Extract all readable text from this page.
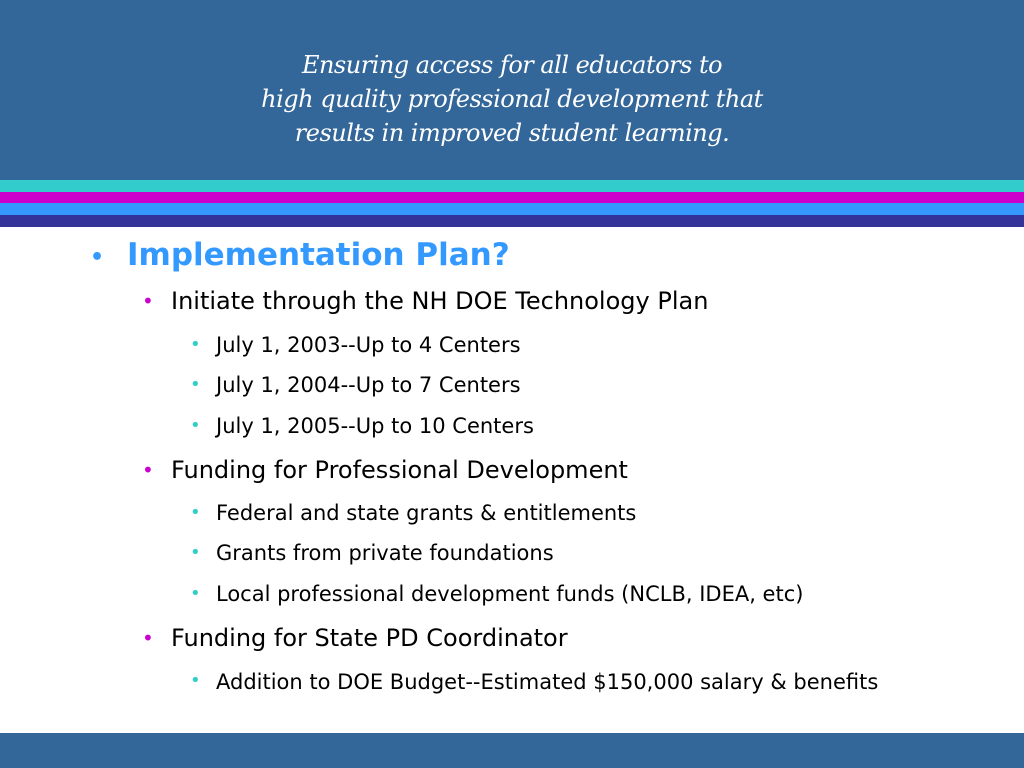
Ensuring access for all educators to
high quality professional development that
results in improved student learning.
• Implementation Plan?
• Initiate through the NH DOE Technology Plan
• July 1, 2003--Up to 4 Centers
• July 1, 2004--Up to 7 Centers
• July 1, 2005--Up to 10 Centers
• Funding for Professional Development
• Federal and state grants & entitlements
• Grants from private foundations
• Local professional development funds (NCLB, IDEA, etc)
• Funding for State PD Coordinator
• Addition to DOE Budget--Estimated $150,000 salary & benefits
